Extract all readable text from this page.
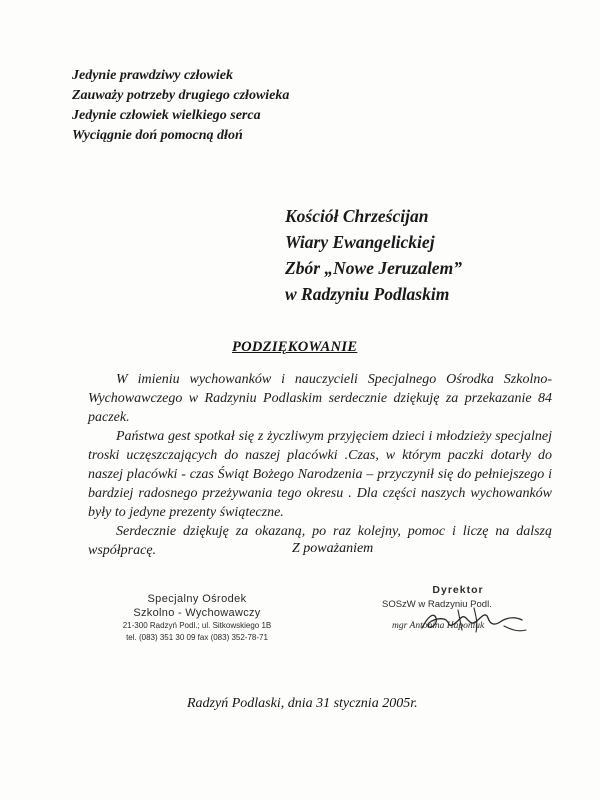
Jedynie prawdziwy człowiek
Zauważy potrzeby drugiego człowieka
Jedynie człowiek wielkiego serca
Wyciągnie doń pomocną dłoń
Kościół Chrześcijan
Wiary Ewangelickiej
Zbór „Nowe Jeruzalem”
w Radzyniu Podlaskim
PODZIĘKOWANIE

W imieniu wychowanków i nauczycieli Specjalnego Ośrodka Szkolno-Wychowawczego w Radzyniu Podlaskim serdecznie dziękuję za przekazanie 84 paczek.

Państwa gest spotkał się z życzliwym przyjęciem dzieci i młodzieży specjalnej troski uczęszczających do naszej placówki .Czas, w którym paczki dotarły do naszej placówki - czas Świąt Bożego Narodzenia – przyczynił się do pełniejszego i bardziej radosnego przeżywania tego okresu . Dla części naszych wychowanków były to jedyne prezenty świąteczne.

Serdecznie dziękuję za okazaną, po raz kolejny, pomoc i liczę na dalszą współpracę.	Z poważaniem
Specjalny Ośrodek
Szkolno - Wychowawczy
21-300 Radzyń Podl.; ul. Sitkowskiego 1B
tel. (083) 351 30 09 fax (083) 352-78-71
Dyrektor
SOSzW w Radzyniu Podl.
mgr Antonina Haponiuk
Radzyń Podlaski, dnia 31 stycznia 2005r.
